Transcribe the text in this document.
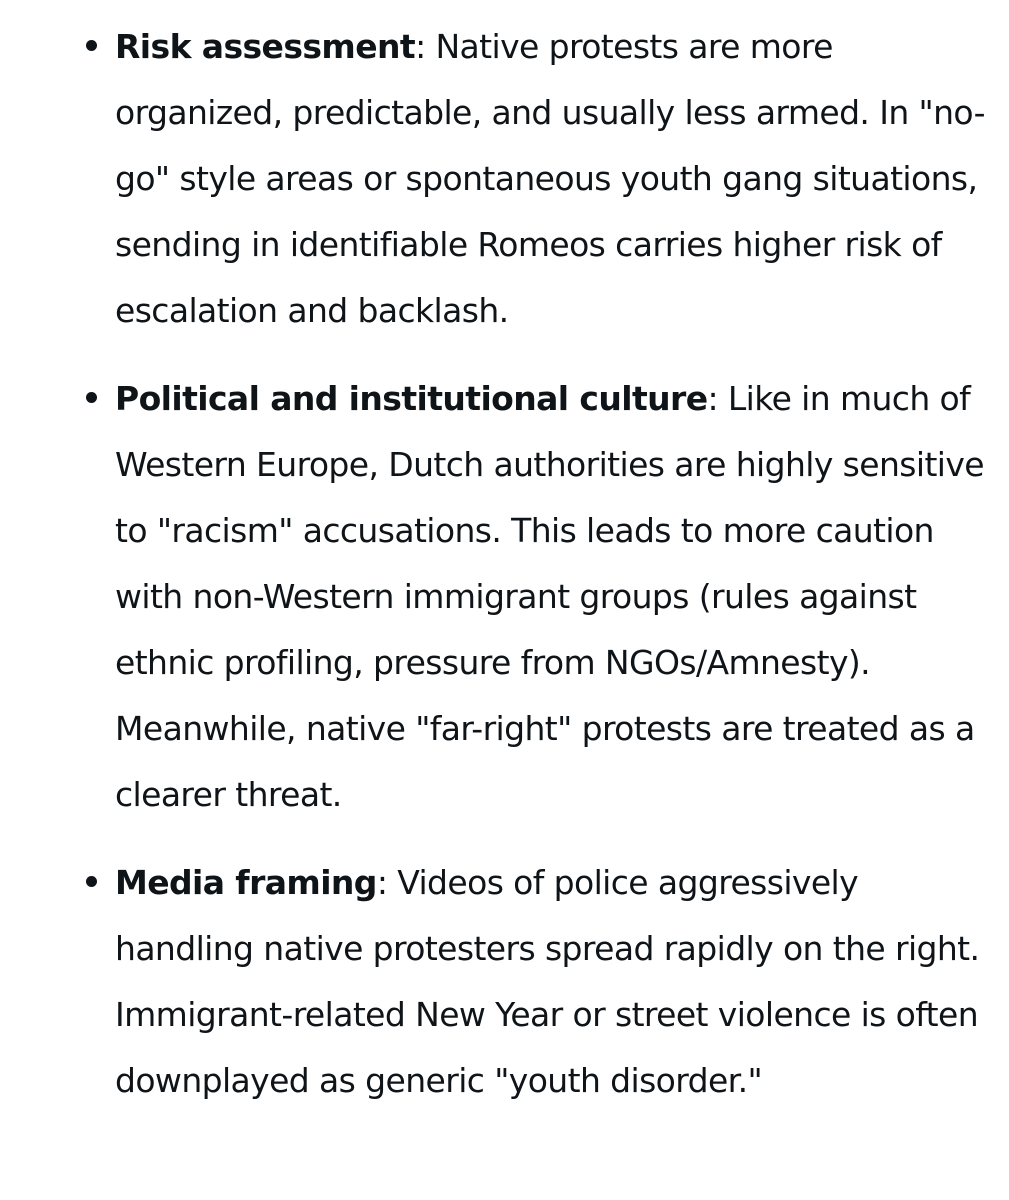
Risk assessment: Native protests are more organized, predictable, and usually less armed. In "no-go" style areas or spontaneous youth gang situations, sending in identifiable Romeos carries higher risk of escalation and backlash.
Political and institutional culture: Like in much of Western Europe, Dutch authorities are highly sensitive to "racism" accusations. This leads to more caution with non-Western immigrant groups (rules against ethnic profiling, pressure from NGOs/Amnesty). Meanwhile, native "far-right" protests are treated as a clearer threat.
Media framing: Videos of police aggressively handling native protesters spread rapidly on the right. Immigrant-related New Year or street violence is often downplayed as generic "youth disorder."
